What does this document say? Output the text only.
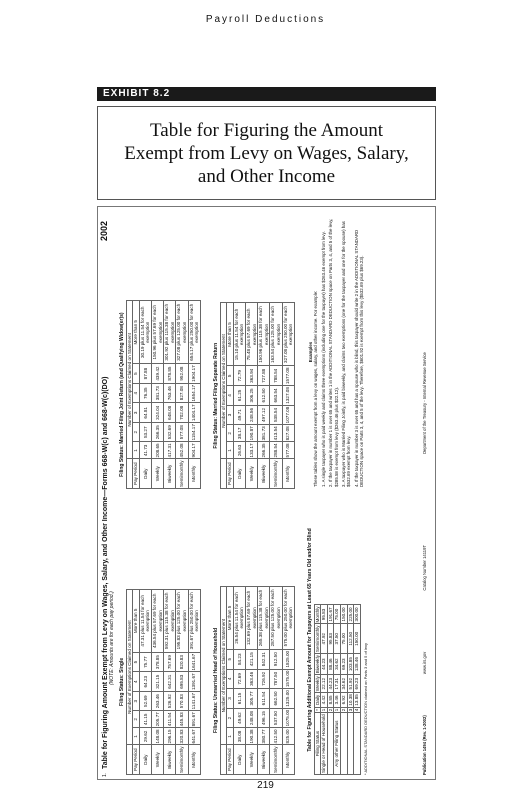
Payroll Deductions
EXHIBIT 8.2
Table for Figuring the Amount
Exempt from Levy on Wages, Salary,
and Other Income
1.
Table for Figuring Amount Exempt from Levy on Wages, Salary, and Other Income—Forms 668-W(c) and 668-W(c)(DO) (NOTE: Amounts are for each pay period.)
2002
Filing Status: Single
	Number of Exemptions Claimed on Statement					
Pay Period	1	2	3	4	5	More than 5
Daily	29.62	41.15	52.69	64.23	75.77	47.31 plus 11.54 for each exemption
Weekly	148.08	205.77	263.46	321.15	378.85	436.54 plus 57.69 for each exemption
Biweekly	296.15	411.54	526.92	642.31	757.69	592.31 plus 115.38 for each exemption
Semimonthly	320.83	445.83	570.83	695.83	820.83	195.83 plus 125.00 for each exemption
Monthly	641.67	891.67	1141.67	1391.67	1641.67	391.67 plus 250.00 for each exemption
Filing Status: Married Filing Joint Return (and Qualifying Widow(er)s)
	Number of Exemptions Claimed on Statement					
Pay Period	1	2	3	4	5	More than 5
Daily	41.73	53.27	64.81	76.35	87.88	30.19 plus 11.54 for each exemption
Weekly	208.65	266.35	324.04	381.73	439.42	150.96 plus 57.69 for each exemption
Biweekly	417.31	532.69	648.08	763.46	878.85	301.92 plus 115.38 for each exemption
Semimonthly	452.08	577.08	702.08	827.08	952.08	327.08 plus 125.00 for each exemption
Monthly	904.17	1154.17	1404.17	1654.17	1904.17	654.17 plus 250.00 for each exemption
Filing Status: Unmarried Head of Household
	Number of Exemptions Claimed on Statement					
Pay Period	1	2	3	4	5	More than 5
Daily	38.08	49.62	61.15	72.69	84.23	26.54 plus 11.54 for each exemption
Weekly	190.38	248.08	305.77	363.46	421.15	132.69 plus 57.69 for each exemption
Biweekly	380.77	496.15	611.54	726.92	842.31	265.38 plus 115.38 for each exemption
Semimonthly	412.50	537.50	662.50	787.50	912.50	287.50 plus 125.00 for each exemption
Monthly	825.00	1075.00	1325.00	1575.00	1825.00	575.00 plus 250.00 for each exemption
Filing Status: Married Filing Separate Return
	Number of Exemptions Claimed on Statement					
Pay Period	1	2	3	4	5	More than 5
Daily	26.63	38.17	49.71	61.25	72.79	15.10 plus 11.54 for each exemption
Weekly	133.17	190.87	248.56	306.25	363.94	75.48 plus 57.69 for each exemption
Biweekly	266.35	381.73	497.12	612.50	727.88	150.96 plus 115.38 for each exemption
Semimonthly	288.54	413.54	538.54	663.54	788.54	163.54 plus 125.00 for each exemption
Monthly	577.08	827.08	1077.08	1327.08	1577.08	327.08 plus 250.00 for each exemption
Table for Figuring Additional Exempt Amount for Taxpayers at Least 65 Years Old and/or Blind Filing Status	*	Daily	Weekly	Biweekly	Semimonthly	Monthly
Single or Head of Household	1	4.42	22.12	44.23	47.92	95.83
	2	8.85	44.23	88.46	95.83	191.67
Any other Filing Status	1	3.46	17.31	34.62	37.50	75.00
	2	6.92	34.62	69.23	75.00	150.00
	3	10.38	51.92	103.85	112.50	225.00
	4	13.85	69.23	138.46	150.00	300.00
* ADDITIONAL STANDARD DEDUCTION claimed on Parts 3 and 5 of levy
Examples These tables show the amount exempt from a levy on wages, salary, and other income. For example: 1. A single taxpayer who is paid weekly and claims three exemptions (including one for the taxpayer) has $263.46 exempt from levy. 2. If the taxpayer in number 1 is over 65 and writes 1 in the ADDITIONAL STANDARD DEDUCTION space on Parts 3, 4, and 5 of the levy, $285.58 is exempt from levy ($263.46 plus $22.12). 3. A taxpayer who is Married Filing Jointly, is paid biweekly, and claims two exemptions (one for the taxpayer and one for the spouse) has $532.69 exempt from levy. 4. If the taxpayer in number 3 is over 65 and has a spouse who is blind, this taxpayer should write 2 in the ADDITIONAL STANDARD DEDUCTION space on Parts 3, 4, and 5 of the levy. Therefore, $601.92 is exempt from this levy ($532.69 plus $69.23).
Publication 1494 (Rev. 1-2002) www.irs.gov Catalog Number 14119T Department of the Treasury - Internal Revenue Service
219
